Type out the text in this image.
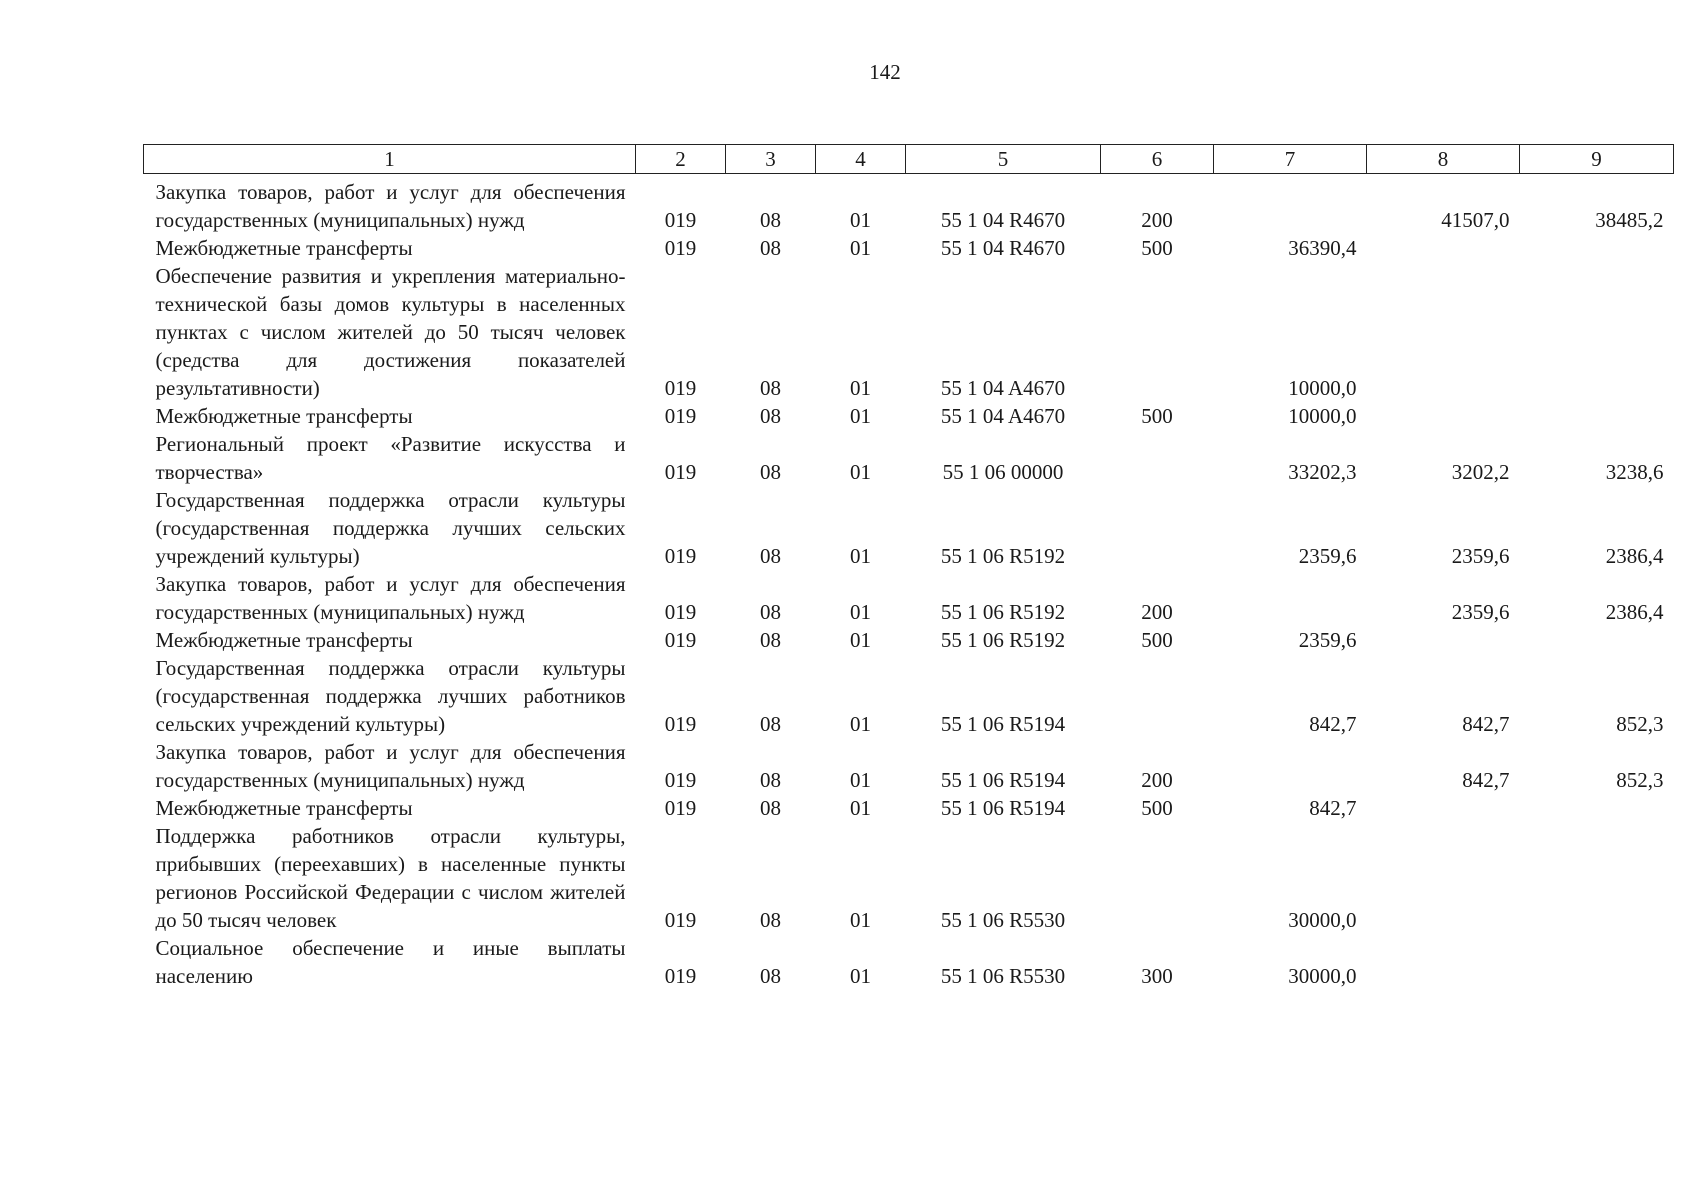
142
1	2	3	4	5	6	7	8	9
Закупка товаров, работ и услуг для обеспечения государственных (муниципальных) нужд	019	08	01	55 1 04 R4670	200		41507,0	38485,2
Межбюджетные трансферты	019	08	01	55 1 04 R4670	500	36390,4		
Обеспечение развития и укрепления материально-технической базы домов культуры в населенных пунктах с числом жителей до 50 тысяч человек (средства для достижения показателей результативности)	019	08	01	55 1 04 A4670		10000,0		
Межбюджетные трансферты	019	08	01	55 1 04 A4670	500	10000,0		
Региональный проект «Развитие искусства и творчества»	019	08	01	55 1 06 00000		33202,3	3202,2	3238,6
Государственная поддержка отрасли культуры (государственная поддержка лучших сельских учреждений культуры)	019	08	01	55 1 06 R5192		2359,6	2359,6	2386,4
Закупка товаров, работ и услуг для обеспечения государственных (муниципальных) нужд	019	08	01	55 1 06 R5192	200		2359,6	2386,4
Межбюджетные трансферты	019	08	01	55 1 06 R5192	500	2359,6		
Государственная поддержка отрасли культуры (государственная поддержка лучших работников сельских учреждений культуры)	019	08	01	55 1 06 R5194		842,7	842,7	852,3
Закупка товаров, работ и услуг для обеспечения государственных (муниципальных) нужд	019	08	01	55 1 06 R5194	200		842,7	852,3
Межбюджетные трансферты	019	08	01	55 1 06 R5194	500	842,7		
Поддержка работников отрасли культуры, прибывших (переехавших) в населенные пункты регионов Российской Федерации с числом жителей до 50 тысяч человек	019	08	01	55 1 06 R5530		30000,0		
Социальное обеспечение и иные выплаты населению	019	08	01	55 1 06 R5530	300	30000,0		
